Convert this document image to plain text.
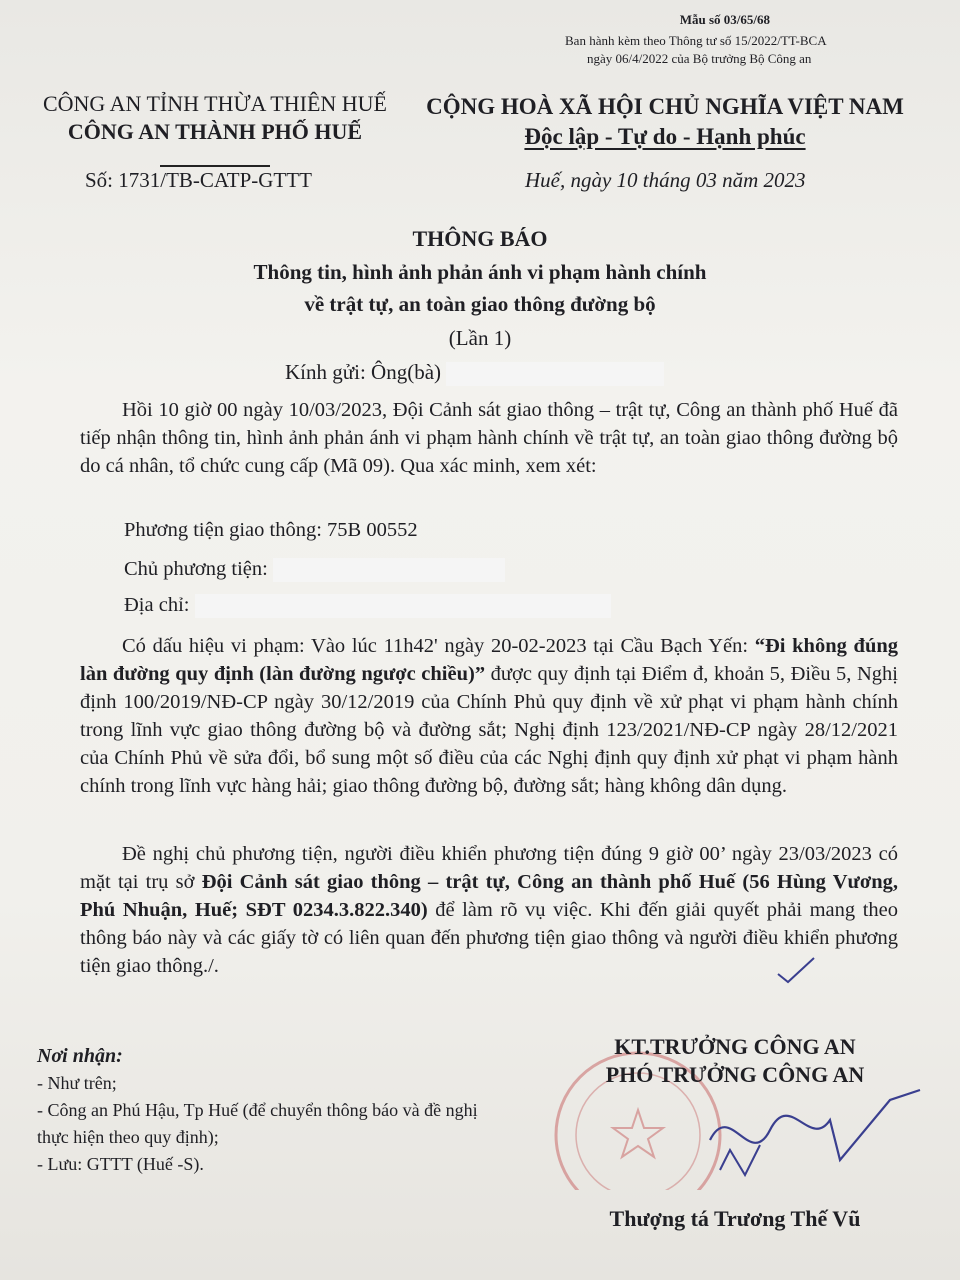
Mẫu số 03/65/68
Ban hành kèm theo Thông tư số 15/2022/TT-BCA
ngày 06/4/2022 của Bộ trưởng Bộ Công an
CÔNG AN TỈNH THỪA THIÊN HUẾ
CÔNG AN THÀNH PHỐ HUẾ
CỘNG HOÀ XÃ HỘI CHỦ NGHĨA VIỆT NAM
Độc lập - Tự do - Hạnh phúc
Số: 1731/TB-CATP-GTTT	Huế, ngày 10 tháng 03 năm 2023
THÔNG BÁO
Thông tin, hình ảnh phản ánh vi phạm hành chính
về trật tự, an toàn giao thông đường bộ
(Lần 1)
Kính gửi: Ông(bà)

Hồi 10 giờ 00 ngày 10/03/2023, Đội Cảnh sát giao thông – trật tự, Công an thành phố Huế đã tiếp nhận thông tin, hình ảnh phản ánh vi phạm hành chính về trật tự, an toàn giao thông đường bộ do cá nhân, tổ chức cung cấp (Mã 09). Qua xác minh, xem xét:

Phương tiện giao thông: 75B 00552
Chủ phương tiện:
Địa chỉ:

Có dấu hiệu vi phạm: Vào lúc 11h42' ngày 20-02-2023 tại Cầu Bạch Yến: “Đi không đúng làn đường quy định (làn đường ngược chiều)” được quy định tại Điểm đ, khoản 5, Điều 5, Nghị định 100/2019/NĐ-CP ngày 30/12/2019 của Chính Phủ quy định về xử phạt vi phạm hành chính trong lĩnh vực giao thông đường bộ và đường sắt; Nghị định 123/2021/NĐ-CP ngày 28/12/2021 của Chính Phủ về sửa đổi, bổ sung một số điều của các Nghị định quy định xử phạt vi phạm hành chính trong lĩnh vực hàng hải; giao thông đường bộ, đường sắt; hàng không dân dụng.

Đề nghị chủ phương tiện, người điều khiển phương tiện đúng 9 giờ 00’ ngày 23/03/2023 có mặt tại trụ sở Đội Cảnh sát giao thông – trật tự, Công an thành phố Huế (56 Hùng Vương, Phú Nhuận, Huế; SĐT 0234.3.822.340) để làm rõ vụ việc. Khi đến giải quyết phải mang theo thông báo này và các giấy tờ có liên quan đến phương tiện giao thông và người điều khiển phương tiện giao thông./.

Nơi nhận:
- Như trên;
- Công an Phú Hậu, Tp Huế (để chuyển thông báo và đề nghị thực hiện theo quy định);
- Lưu: GTTT (Huế -S).
KT.TRƯỞNG CÔNG AN
PHÓ TRƯỞNG CÔNG AN
Thượng tá Trương Thế Vũ
